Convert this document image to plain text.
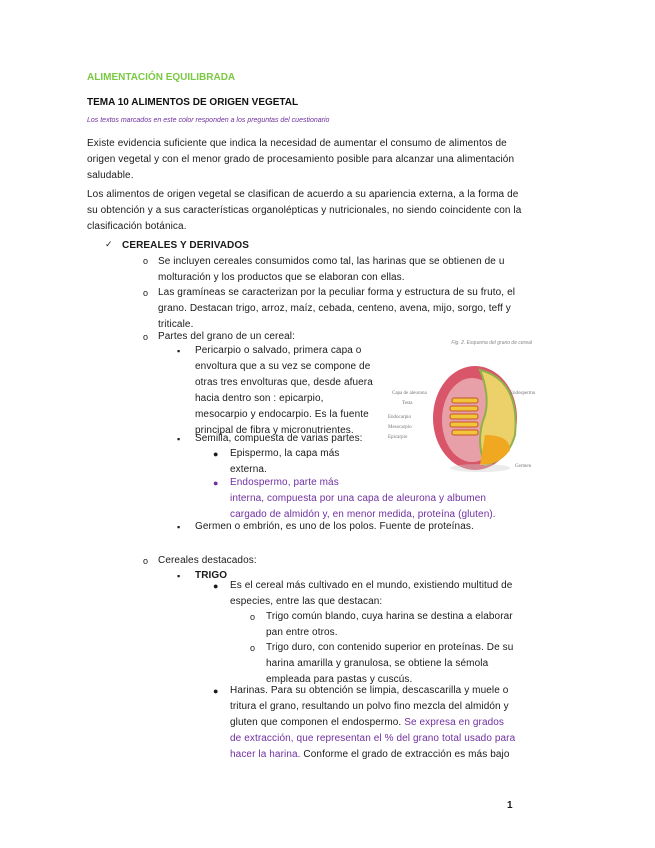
ALIMENTACIÓN EQUILIBRADA
TEMA 10 ALIMENTOS DE ORIGEN VEGETAL
Los textos marcados en este color responden a los preguntas del cuestionario
Existe evidencia suficiente que indica la necesidad de aumentar el consumo de alimentos de
origen vegetal y con el menor grado de procesamiento posible para alcanzar una alimentación
saludable.
Los alimentos de origen vegetal se clasifican de acuerdo a su apariencia externa, a la forma de
su obtención y a sus características organolépticas y nutricionales, no siendo coincidente con la
clasificación botánica.
✓ CEREALES Y DERIVADOS
o Se incluyen cereales consumidos como tal, las harinas que se obtienen de u
molturación y los productos que se elaboran con ellas.
o Las gramíneas se caracterizan por la peculiar forma y estructura de su fruto, el
grano. Destacan trigo, arroz, maíz, cebada, centeno, avena, mijo, sorgo, teff y
triticale.
o Partes del grano de un cereal:
▪ Pericarpio o salvado, primera capa o
envoltura que a su vez se compone de
otras tres envolturas que, desde afuera
hacia dentro son : epicarpio,
mesocarpio y endocarpio. Es la fuente
principal de fibra y micronutrientes.
▪ Semilla, compuesta de varias partes:
● Epispermo, la capa más
externa.
● Endospermo, parte más
interna, compuesta por una capa de aleurona y albumen
cargado de almidón y, en menor medida, proteína (gluten).
▪ Germen o embrión, es uno de los polos. Fuente de proteínas.
o Cereales destacados:
▪ TRIGO
● Es el cereal más cultivado en el mundo, existiendo multitud de
especies, entre las que destacan:
o Trigo común blando, cuya harina se destina a elaborar
pan entre otros.
o Trigo duro, con contenido superior en proteínas. De su
harina amarilla y granulosa, se obtiene la sémola
empleada para pastas y cuscús.
● Harinas. Para su obtención se limpia, descascarilla y muele o
tritura el grano, resultando un polvo fino mezcla del almidón y
gluten que componen el endospermo. Se expresa en grados
de extracción, que representan el % del grano total usado para
hacer la harina. Conforme el grado de extracción es más bajo
Fig. 2. Esquema del grano de cereal
Capa de aleurona
Testa
Endocarpio
Mesocarpio
Epicarpio
Endospermo
Germen
1
